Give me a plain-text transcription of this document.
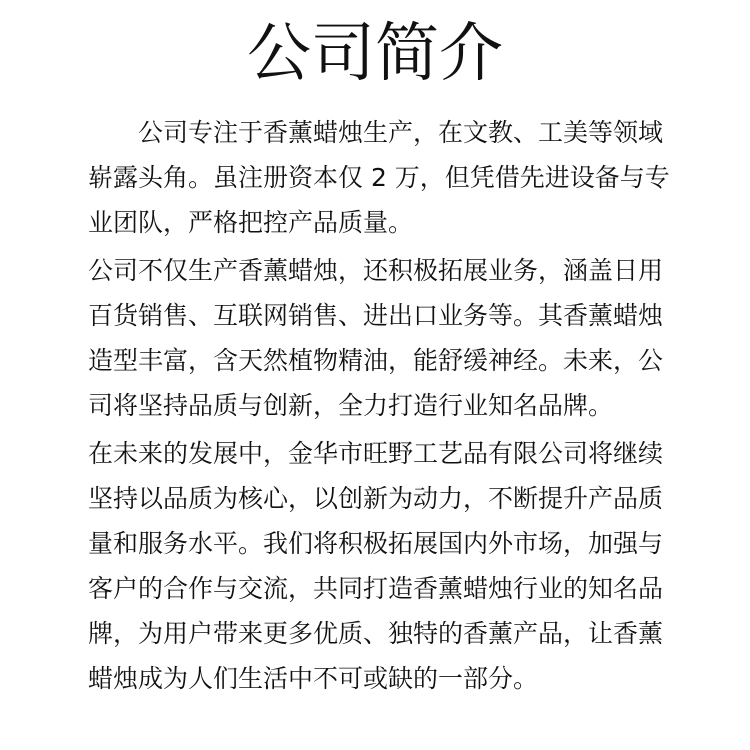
公司简介
公司专注于香薰蜡烛生产，在文教、工美等领域
崭露头角。虽注册资本仅 2 万，但凭借先进设备与专
业团队，严格把控产品质量。
公司不仅生产香薰蜡烛，还积极拓展业务，涵盖日用
百货销售、互联网销售、进出口业务等。其香薰蜡烛
造型丰富，含天然植物精油，能舒缓神经。未来，公
司将坚持品质与创新，全力打造行业知名品牌。
在未来的发展中，金华市旺野工艺品有限公司将继续
坚持以品质为核心，以创新为动力，不断提升产品质
量和服务水平。我们将积极拓展国内外市场，加强与
客户的合作与交流，共同打造香薰蜡烛行业的知名品
牌，为用户带来更多优质、独特的香薰产品，让香薰
蜡烛成为人们生活中不可或缺的一部分。
